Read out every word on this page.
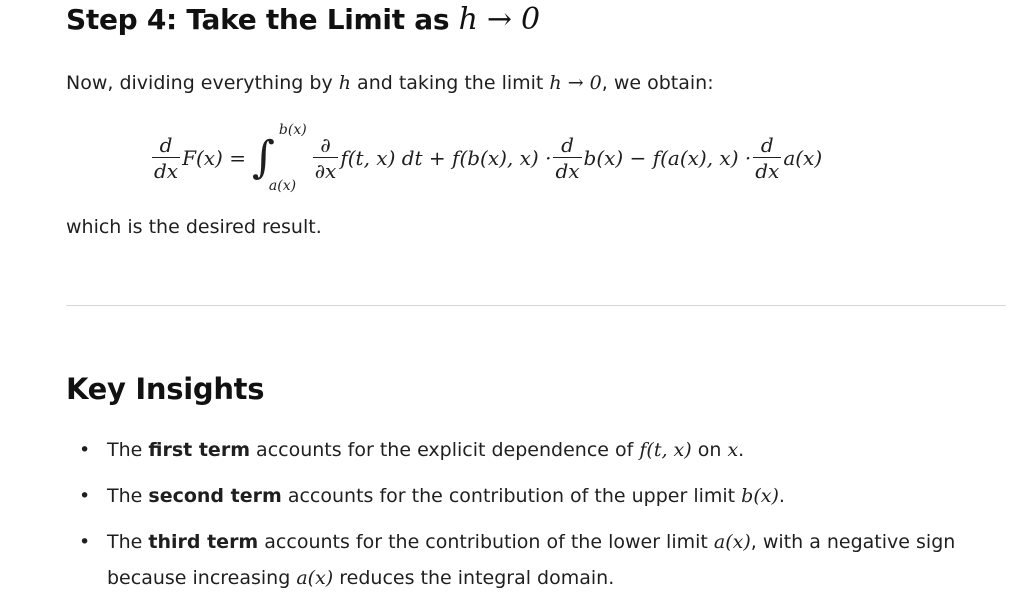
Step 4: Take the Limit as h → 0

Now, dividing everything by h and taking the limit h → 0, we obtain:

$\frac{d}{dx} F(x)$ = ∫
b(x)
a(x)
$\frac{\partial}{\partial x} f(t$, x) dt + f(b(x), $x) \cdot \frac{d}{dx} b(x) - f(a(x)$, $x) \cdot \frac{d}{dx} a(x)$

which is the desired result.

Key Insights
• The first term accounts for the explicit dependence of f(t, x) on x.
• The second term accounts for the contribution of the upper limit b(x).
• The third term accounts for the contribution of the lower limit a(x), with a negative sign because increasing a(x) reduces the integral domain.
